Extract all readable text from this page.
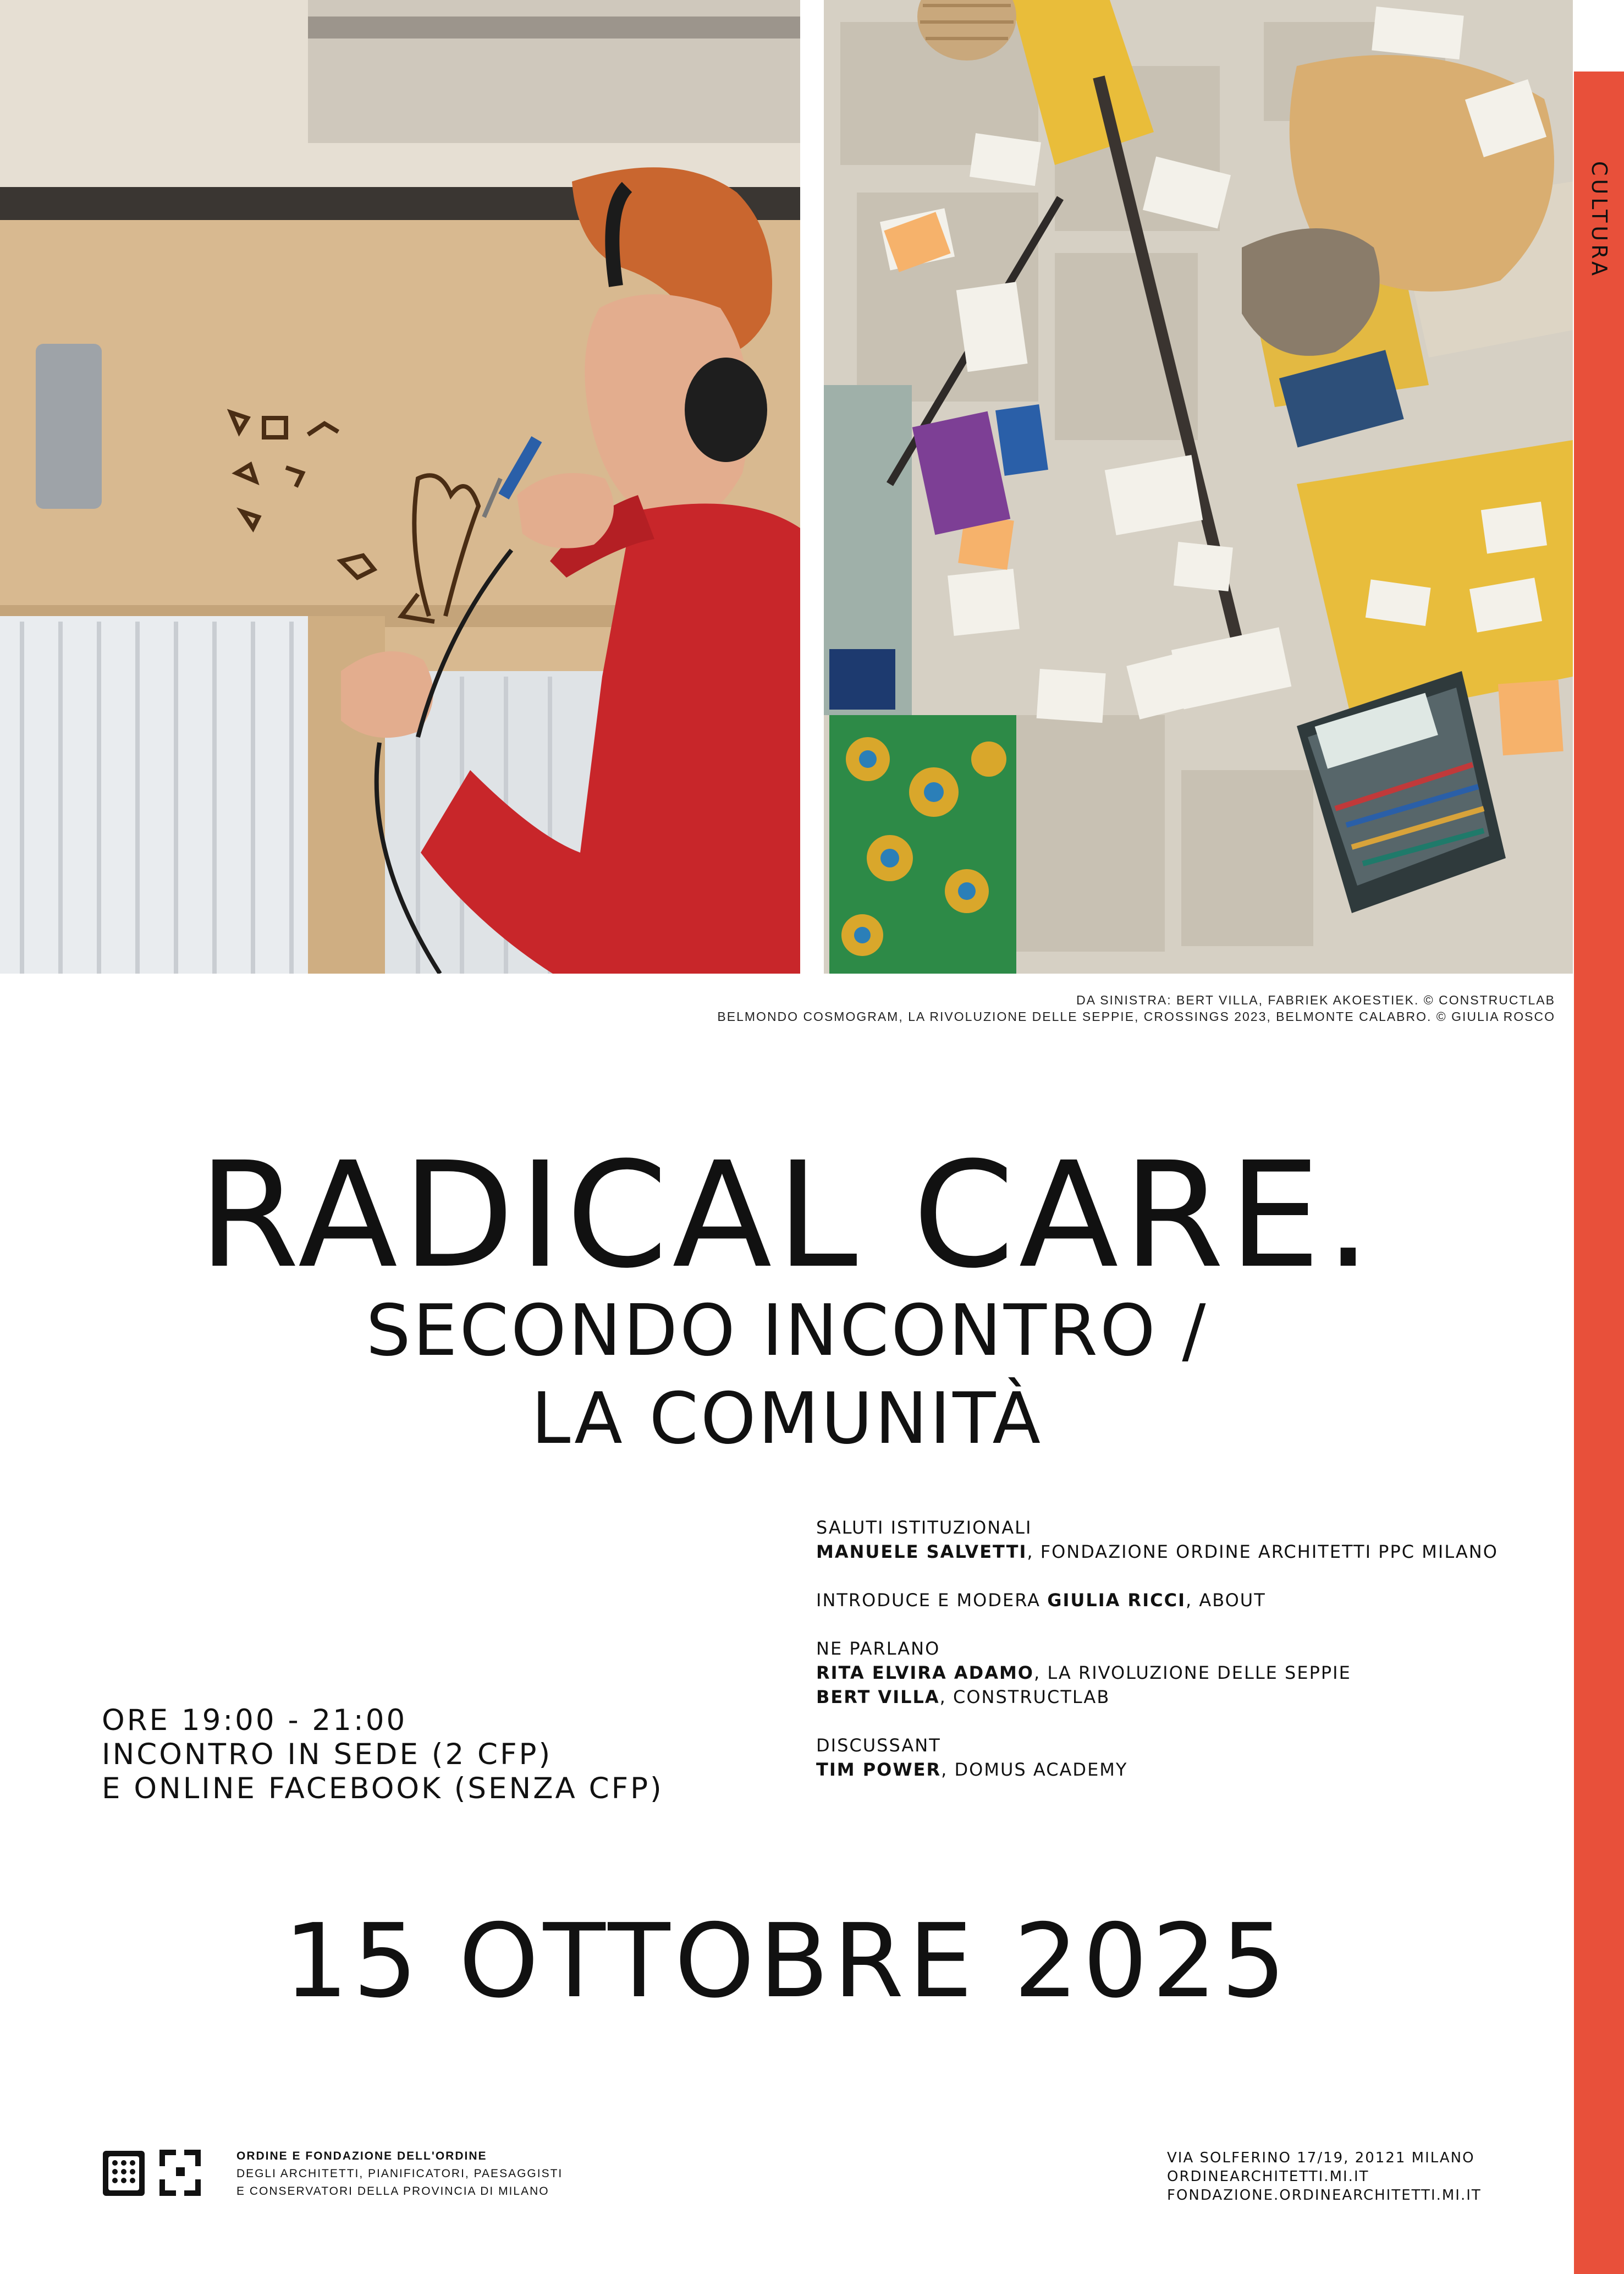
CULTURA
DA SINISTRA: BERT VILLA, FABRIEK AKOESTIEK. © CONSTRUCTLAB
BELMONDO COSMOGRAM, LA RIVOLUZIONE DELLE SEPPIE, CROSSINGS 2023, BELMONTE CALABRO. © GIULIA ROSCO
RADICAL CARE.
SECONDO INCONTRO /
LA COMUNITÀ
SALUTI ISTITUZIONALI
MANUELE SALVETTI, FONDAZIONE ORDINE ARCHITETTI PPC MILANO
INTRODUCE E MODERA GIULIA RICCI, ABOUT
NE PARLANO
RITA ELVIRA ADAMO, LA RIVOLUZIONE DELLE SEPPIE
BERT VILLA, CONSTRUCTLAB
DISCUSSANT
TIM POWER, DOMUS ACADEMY
ORE 19:00 - 21:00
INCONTRO IN SEDE (2 CFP)
E ONLINE FACEBOOK (SENZA CFP)
15 OTTOBRE 2025
ORDINE E FONDAZIONE DELL'ORDINE
DEGLI ARCHITETTI, PIANIFICATORI, PAESAGGISTI
E CONSERVATORI DELLA PROVINCIA DI MILANO
VIA SOLFERINO 17/19, 20121 MILANO
ORDINEARCHITETTI.MI.IT
FONDAZIONE.ORDINEARCHITETTI.MI.IT
